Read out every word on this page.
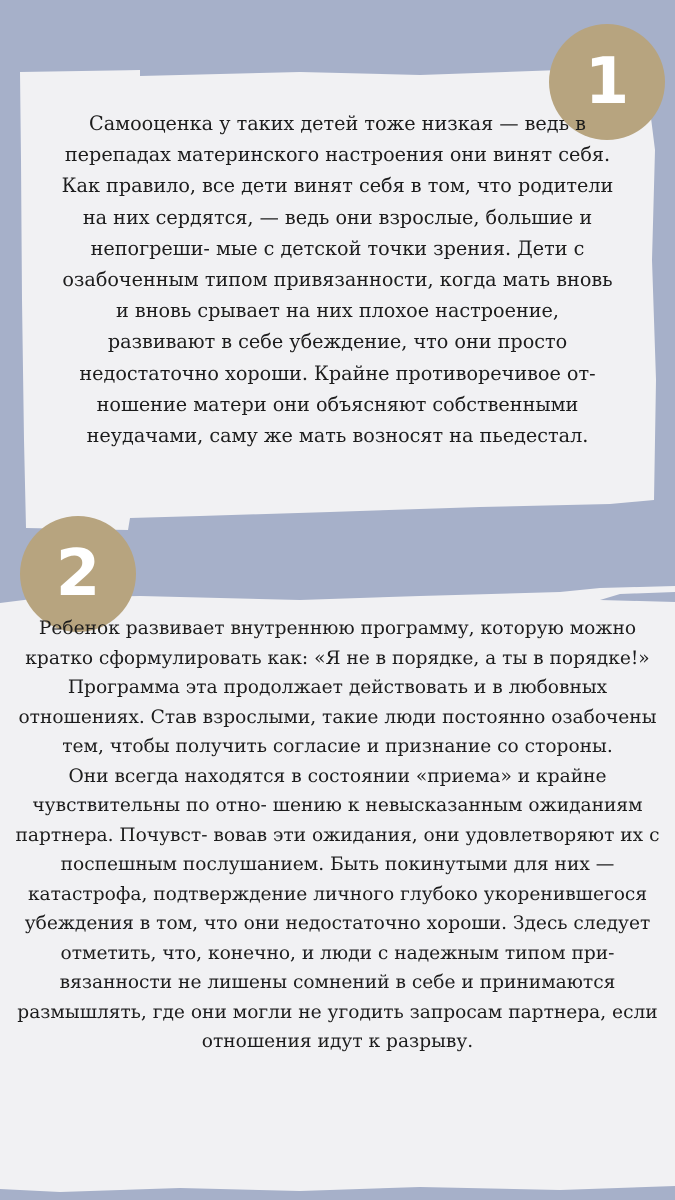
1

Самооценка у таких детей тоже низкая — ведь в перепадах материнского настроения они винят себя. Как правило, все дети винят себя в том, что родители на них сердятся, — ведь они взрослые, большие и непогреши- мые с детской точки зрения. Дети с озабоченным типом привязанности, когда мать вновь и вновь срывает на них плохое настроение, развивают в себе убеждение, что они просто недостаточно хороши. Крайне противоречивое от- ношение матери они объясняют собственными неудачами, саму же мать возносят на пьедестал.

2

Ребенок развивает внутреннюю программу, которую можно кратко сформулировать как: «Я не в порядке, а ты в порядке!» Программа эта продолжает действовать и в любовных отношениях. Став взрослыми, такие люди постоянно озабочены тем, чтобы получить согласие и признание со стороны.

Они всегда находятся в состоянии «приема» и крайне чувствительны по отно- шению к невысказанным ожиданиям партнера. Почувст- вовав эти ожидания, они удовлетворяют их с поспешным послушанием. Быть покинутыми для них — катастрофа, подтверждение личного глубоко укоренившегося убеждения в том, что они недостаточно хороши. Здесь следует отметить, что, конечно, и люди с надежным типом при- вязанности не лишены сомнений в себе и принимаются размышлять, где они могли не угодить запросам партнера, если отношения идут к разрыву.
